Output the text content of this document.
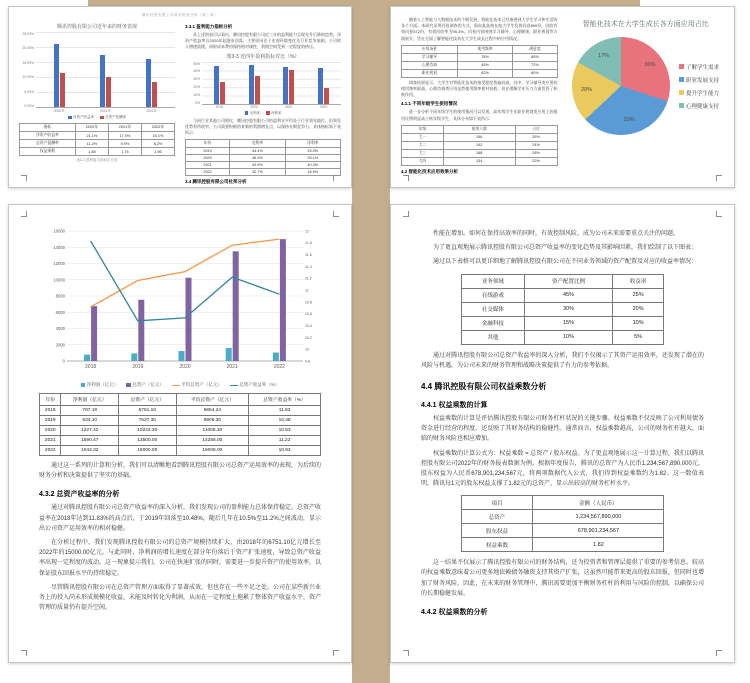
腾讯控股有限公司财务报表分析（第三章）
腾讯控股有限公司近年来的财务表现
25.00%
20.00%
15.00%
10.00%
5.00%
0.00%
2020年	2021年	2022年
净资产收益率	总资产报酬率
指标	2020年	2021年	2022年
净资产收益率	21.1%	17.5%	16.1%
总资产报酬率	11.2%	9.9%	8.2%
权益乘数	1.88	1.76	1.96
表3-1 盈利能力指标汇总表
3.3.1 盈利能力指标分析

从上述图表可以看出，腾讯控股有限公司近三年的盈利能力呈现先升后降的趋势。净资产收益率自2020年起逐步回落，主要原因在于宏观环境变化及行业竞争加剧，公司收入增速放缓，同时成本费用保持相对刚性，利润空间受到一定程度的挤压。

图3-3 近四年盈利指标对比（%）
50%
40%
30%
20%
10%
0%
2019	2020	2021	2022
毛利率	净利率

与同行业其他公司相比，腾讯控股有限公司的盈利水平仍处于行业领先地位，但领先优势有所收窄，公司需要积极培育新的利润增长点，以保持长期竞争力。具体指标如下表所示：

年份	毛利率	净利率
2019	44.4%	25.3%
2020	46.0%	33.1%
2021	43.9%	40.3%
2022	42.7%	18.9%
3.4 腾讯控股有限公司杜邦分析

随着人工智能与大数据技术的不断发展，智能化技术已经渗透到大学生学习和生活的各个方面。本研究采用问卷调查的方式，面向某高校在校大学生发放问卷600份，回收有效问卷572份，有效回收率为95.3%。问卷内容围绕学习辅导、心理健康、职业规划等方面展开，旨在全面了解智能化技术在大学生成长过程中的应用情况。

应用场景	使用频率	满意度
学习辅导	78%	85%
心理咨询	45%	72%
职业规划	62%	80%

调查结果显示，大学生对智能化技术的接受程度普遍较高。其中，学习辅导类应用的使用频率最高，心理咨询类应用虽然使用频率相对较低，但在缓解学业压力方面发挥了积极作用。

4.1.1 不同年级学生使用情况

进一步分析不同年级学生的使用情况可以发现，高年级学生在职业规划类应用上的使用比例明显高于低年级学生，具体分布如下表所示：

年级	使用人数	占比
大一	156	26%
大二	142	24%
大三	168	28%
大四	134	22%
4.2 智能化技术应用效果分析
智能化技术在大学生成长各方面应用占比
30%
33%
20%
17%
了解学生需求
职业发展支持
提升学生能力
心理健康支持
0
2000
4000
6000
8000
10000
12000
14000
16000
9.8
10
10.2
10.4
10.6
10.8
11
11.2
11.4
11.6
11.8
12
2018	2019	2020	2021	2022
净利润（亿元）	总资产（亿元）	平均总资产（亿元）	总资产收益率（%）
年份	净利润（亿元）	总资产（亿元）	平均总资产（亿元）	总资产收益率（%）
2018	787.19	6751.10	6654.24	11.83
2019	933.10	7537.30	9906.30	10.48
2020	1227.42	10243.30	11006.30	10.53
2021	1590.47	13500.00	14256.00	11.22
2022	1042.32	15000.00	15006.00	10.93

通过这一系列的计算和分析，我们可以清晰地看到腾讯控股有限公司总资产运用效率的表现，为后续的财务分析和决策提供了坚实的基础。

4.3.2 总资产收益率的分析

通过对腾讯控股有限公司总资产收益率的深入分析，我们发现公司的盈利能力总体保持稳定。总资产收益率在2018年达到11.83%的高点后，于2019年回落至10.48%，随后几年在10.5%至11.2%之间波动，显示出公司资产运用效率的相对稳健。

在分析过程中，我们发现腾讯控股有限公司的总资产规模持续扩大，由2018年的6751.10亿元增长至2022年的15000.00亿元。与此同时，净利润的增长速度在部分年份落后于资产扩张速度，导致总资产收益率出现一定程度的波动。这一现象提示我们，公司在快速扩张的同时，需要进一步提升资产的使用效率，以保证股东回报水平的持续稳定。

尽管腾讯控股有限公司在总资产管理方面取得了显著成效，但也存在一些不足之处。公司在某些新兴业务上的投入尚未形成规模化收益，未能及时转化为利润，从而在一定程度上拖累了整体资产收益水平，资产管理的质量仍有提升空间。

性能在增加。如何在保持高效率的同时，有效控制风险，成为公司未来需要重点关注的问题。

为了更直观地展示腾讯控股有限公司总资产收益率的变化趋势及其影响因素，我们绘制了以下图表：

通过以下表格可以更详细地了解腾讯控股有限公司在不同业务领域的资产配置及对应的收益率情况：

业务领域	资产配置比例	收益率
在线游戏	45%	25%
社交媒体	30%	20%
金融科技	15%	10%
其他	10%	5%

通过对腾讯控股有限公司总资产收益率的深入分析，我们不仅揭示了其资产运用效率，还发现了潜在的风险与机遇，为公司未来的财务管理和战略决策提供了有力的参考依据。

4.4 腾讯控股有限公司权益乘数分析
4.4.1 权益乘数的计算

权益乘数的计算是评估腾讯控股有限公司财务杠杆状况的关键步骤。权益乘数不仅反映了公司利用债务资金进行经营的程度，还反映了其财务结构的稳健性。通常而言，权益乘数越高，公司的财务杠杆越大，面临的财务风险也相应增加。

权益乘数的计算公式为：权益乘数 = 总资产 / 股东权益。为了更直观地展示这一计算过程，我们以腾讯控股有限公司2022年的财务报表数据为例。根据年度报告，腾讯的总资产为人民币1,234,567,890,000元，股东权益为人民币678,901,234,567元，将两项数据代入公式，我们得到权益乘数约为1.82。这一数值表明，腾讯每1元的股东权益支撑了1.82元的总资产，显示出较高的财务杠杆水平。

项目	金额（人民币）
总资产	1,234,567,890,000
股东权益	678,901,234,567
权益乘数	1.82

这一结果不仅展示了腾讯控股有限公司的财务结构，还为投资者和管理层提供了重要的参考信息。较高的权益乘数意味着公司更多地依赖债务融资支持其资产扩张，这虽然可能带来更高的股东回报，但同时也增加了财务风险。因此，在未来的财务管理中，腾讯需要更加平衡财务杠杆的利用与风险的控制，以确保公司的长期稳健发展。

4.4.2 权益乘数的分析
